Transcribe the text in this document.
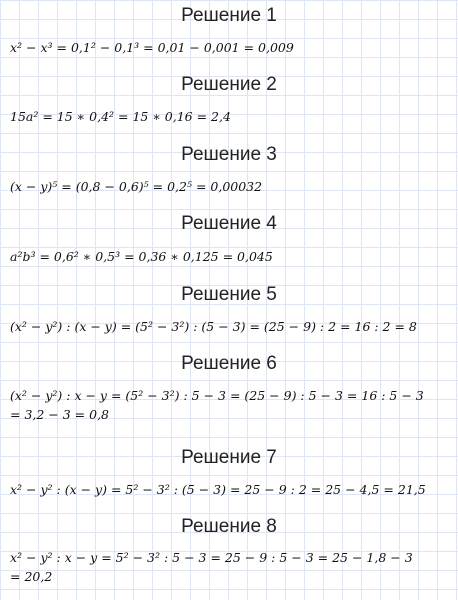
Решение 1
x² − x³ = 0,1² − 0,1³ = 0,01 − 0,001 = 0,009
Решение 2
15a² = 15 ∗ 0,4² = 15 ∗ 0,16 = 2,4
Решение 3
(x − y)⁵ = (0,8 − 0,6)⁵ = 0,2⁵ = 0,00032
Решение 4
a²b³ = 0,6² ∗ 0,5³ = 0,36 ∗ 0,125 = 0,045
Решение 5
(x² − y²) : (x − y) = (5² − 3²) : (5 − 3) = (25 − 9) : 2 = 16 : 2 = 8
Решение 6
(x² − y²) : x − y = (5² − 3²) : 5 − 3 = (25 − 9) : 5 − 3 = 16 : 5 − 3
= 3,2 − 3 = 0,8
Решение 7
x² − y² : (x − y) = 5² − 3² : (5 − 3) = 25 − 9 : 2 = 25 − 4,5 = 21,5
Решение 8
x² − y² : x − y = 5² − 3² : 5 − 3 = 25 − 9 : 5 − 3 = 25 − 1,8 − 3
= 20,2
